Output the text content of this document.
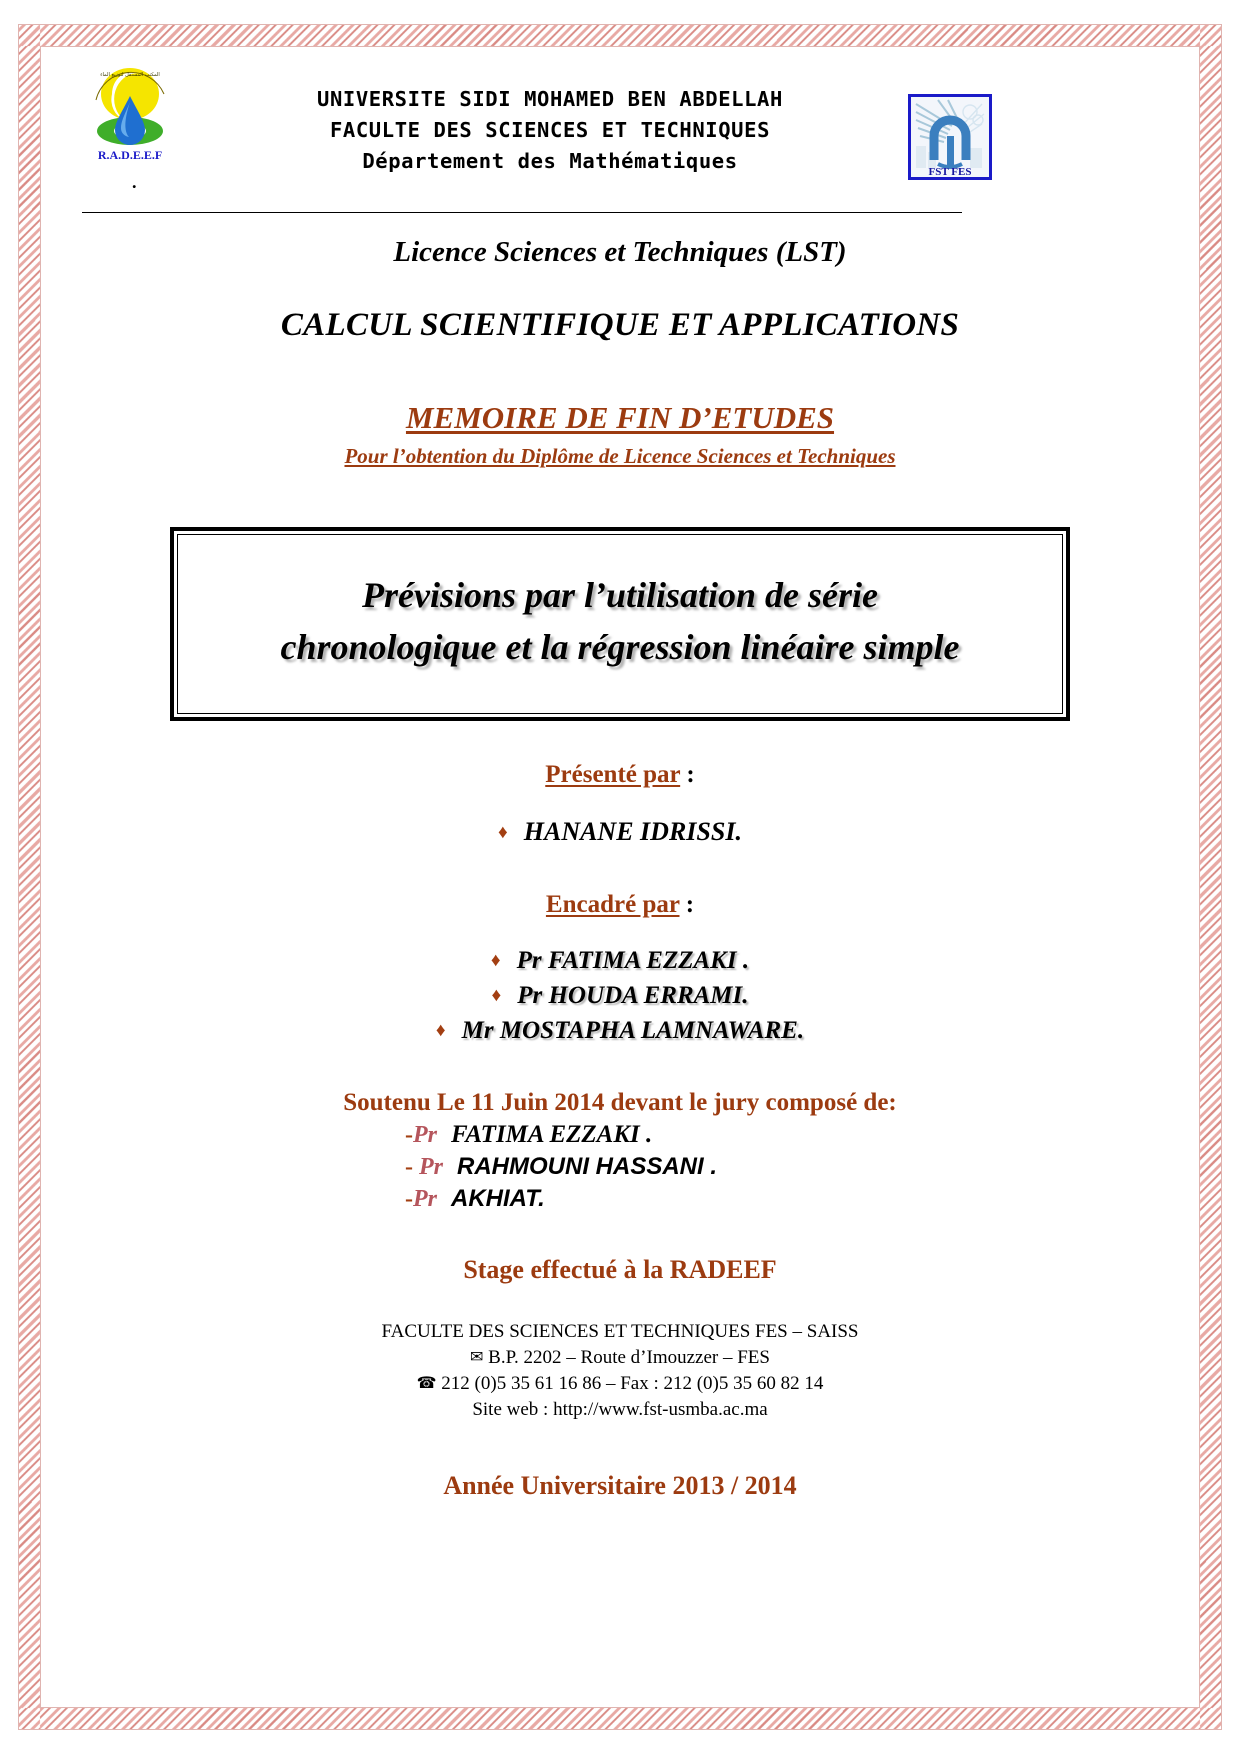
المكتب المستقل لتوزيع الماء
R.A.D.E.E.F
FST FES
UNIVERSITE SIDI MOHAMED BEN ABDELLAH
FACULTE DES SCIENCES ET TECHNIQUES
Département des Mathématiques
.
Licence Sciences et Techniques (LST)
CALCUL SCIENTIFIQUE ET APPLICATIONS
MEMOIRE DE FIN D’ETUDES
Pour l’obtention du Diplôme de Licence Sciences et Techniques
Prévisions par l’utilisation de série
chronologique et la régression linéaire simple
Présenté par :
♦ HANANE IDRISSI.
Encadré par :
♦ Pr FATIMA EZZAKI .
♦ Pr HOUDA ERRAMI.
♦ Mr MOSTAPHA LAMNAWARE.
Soutenu Le 11 Juin 2014 devant le jury composé de:
-Pr FATIMA EZZAKI .
- Pr RAHMOUNI HASSANI .
-Pr AKHIAT.
Stage effectué à la RADEEF
FACULTE DES SCIENCES ET TECHNIQUES FES – SAISS
✉ B.P. 2202 – Route d’Imouzzer – FES
☎ 212 (0)5 35 61 16 86 – Fax : 212 (0)5 35 60 82 14
Site web : http://www.fst-usmba.ac.ma
Année Universitaire 2013 / 2014
